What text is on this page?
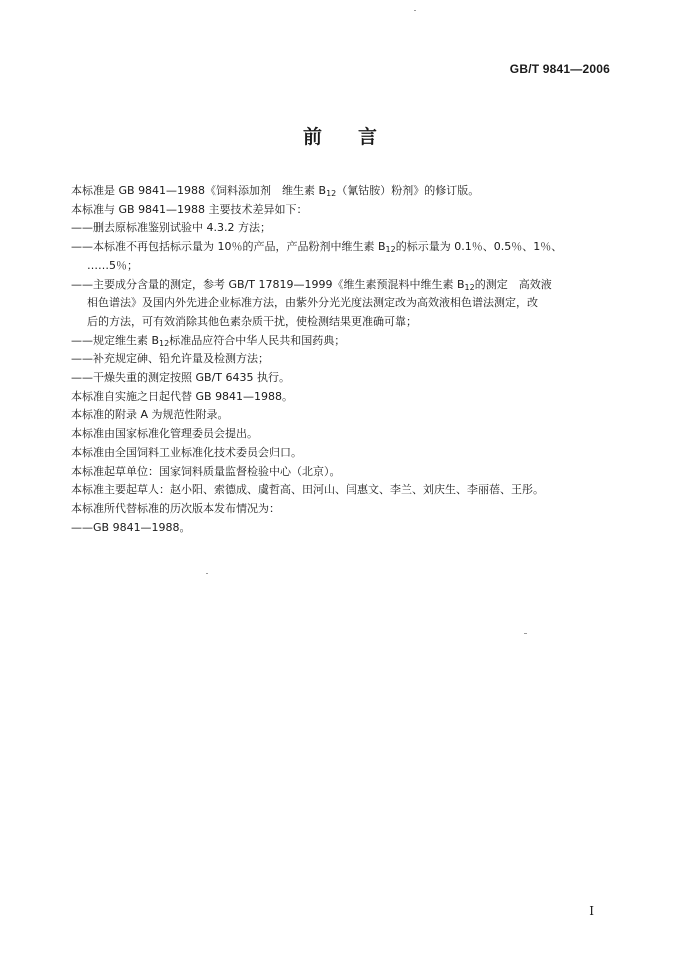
GB/T 9841—2006
前言
本标准是 GB 9841—1988《饲料添加剂　维生素 $B_{12}$（氰钴胺）粉剂》的修订版。
本标准与 GB 9841—1988 主要技术差异如下：
——删去原标准鉴别试验中 4.3.2 方法；
——本标准不再包括标示量为 10％的产品，产品粉剂中维生素 $B_{12}$的标示量为 0.1％、0.5％、1％、
……5％；
——主要成分含量的测定，参考 GB/T 17819—1999《维生素预混料中维生素 $B_{12}$的测定　高效液
相色谱法》及国内外先进企业标准方法，由紫外分光光度法测定改为高效液相色谱法测定，改
后的方法，可有效消除其他色素杂质干扰，使检测结果更准确可靠；
——规定维生素 $B_{12}$标准品应符合中华人民共和国药典；
——补充规定砷、铅允许量及检测方法；
——干燥失重的测定按照 GB/T 6435 执行。
本标准自实施之日起代替 GB 9841—1988。
本标准的附录 A 为规范性附录。
本标准由国家标准化管理委员会提出。
本标准由全国饲料工业标准化技术委员会归口。
本标准起草单位：国家饲料质量监督检验中心（北京）。
本标准主要起草人：赵小阳、索德成、虞哲高、田河山、闫惠文、李兰、刘庆生、李丽蓓、王彤。
本标准所代替标准的历次版本发布情况为：
——GB 9841—1988。
I
